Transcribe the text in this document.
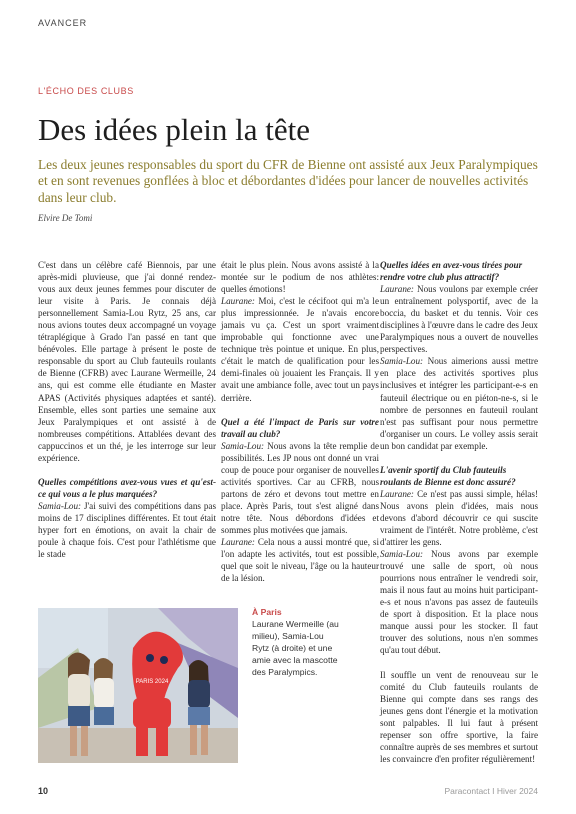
AVANCER
L'ÉCHO DES CLUBS
Des idées plein la tête

Les deux jeunes responsables du sport du CFR de Bienne ont assisté aux Jeux Paralympiques et en sont revenues gonflées à bloc et débordantes d'idées pour lancer de nouvelles activités dans leur club.

Elvire De Tomi

C'est dans un célèbre café Biennois, par une après-midi pluvieuse, que j'ai donné rendez-vous aux deux jeunes femmes pour discuter de leur visite à Paris. Je connais déjà personnellement Samia-Lou Rytz, 25 ans, car nous avions toutes deux accompagné un voyage tétraplégique à Grado l'an passé en tant que bénévoles. Elle partage à présent le poste de responsable du sport au Club fauteuils roulants de Bienne (CFRB) avec Laurane Wermeille, 24 ans, qui est comme elle étudiante en Master APAS (Activités physiques adaptées et santé). Ensemble, elles sont parties une semaine aux Jeux Paralympiques et ont assisté à de nombreuses compétitions. Attablées devant des cappuccinos et un thé, je les interroge sur leur expérience.

Quelles compétitions avez-vous vues et qu'est-ce qui vous a le plus marquées?

Samia-Lou: J'ai suivi des compétitions dans pas moins de 17 disciplines différentes. Et tout était hyper fort en émotions, on avait la chair de poule à chaque fois. C'est pour l'athlétisme que le stade

était le plus plein. Nous avons assisté à la montée sur le podium de nos athlètes: quelles émotions!

Laurane: Moi, c'est le cécifoot qui m'a le plus impressionnée. Je n'avais encore jamais vu ça. C'est un sport vraiment improbable qui fonctionne avec une technique très pointue et unique. En plus, c'était le match de qualification pour les demi-finales où jouaient les Français. Il y avait une ambiance folle, avec tout un pays derrière.

Quel a été l'impact de Paris sur votre travail au club?

Samia-Lou: Nous avons la tête remplie de possibilités. Les JP nous ont donné un vrai coup de pouce pour organiser de nouvelles activités sportives. Car au CFRB, nous partons de zéro et devons tout mettre en place. Après Paris, tout s'est aligné dans notre tête. Nous débordons d'idées et sommes plus motivées que jamais.

Laurane: Cela nous a aussi montré que, si l'on adapte les activités, tout est possible, quel que soit le niveau, l'âge ou la hauteur de la lésion.

Quelles idées en avez-vous tirées pour rendre votre club plus attractif?

Laurane: Nous voulons par exemple créer un entraînement polysportif, avec de la boccia, du basket et du tennis. Voir ces disciplines à l'œuvre dans le cadre des Jeux Paralympiques nous a ouvert de nouvelles perspectives.

Samia-Lou: Nous aimerions aussi mettre en place des activités sportives plus inclusives et intégrer les participant-e-s en fauteuil électrique ou en piéton-ne-s, si le nombre de personnes en fauteuil roulant n'est pas suffisant pour nous permettre d'organiser un cours. Le volley assis serait un bon candidat par exemple.

L'avenir sportif du Club fauteuils roulants de Bienne est donc assuré?

Laurane: Ce n'est pas aussi simple, hélas! Nous avons plein d'idées, mais nous devons d'abord découvrir ce qui suscite vraiment de l'intérêt. Notre problème, c'est d'attirer les gens.

Samia-Lou: Nous avons par exemple trouvé une salle de sport, où nous pourrions nous entraîner le vendredi soir, mais il nous faut au moins huit participant-e-s et nous n'avons pas assez de fauteuils de sport à disposition. Et la place nous manque aussi pour les stocker. Il faut trouver des solutions, nous n'en sommes qu'au tout début.

Il souffle un vent de renouveau sur le comité du Club fauteuils roulants de Bienne qui compte dans ses rangs des jeunes gens dont l'énergie et la motivation sont palpables. Il lui faut à présent repenser son offre sportive, la faire connaître auprès de ses membres et surtout les convaincre d'en profiter régulièrement!

PARIS 2024
À Paris
Laurane Wermeille (au milieu), Samia-Lou Rytz (à droite) et une amie avec la mascotte des Paralympics.
10	Paracontact I Hiver 2024
